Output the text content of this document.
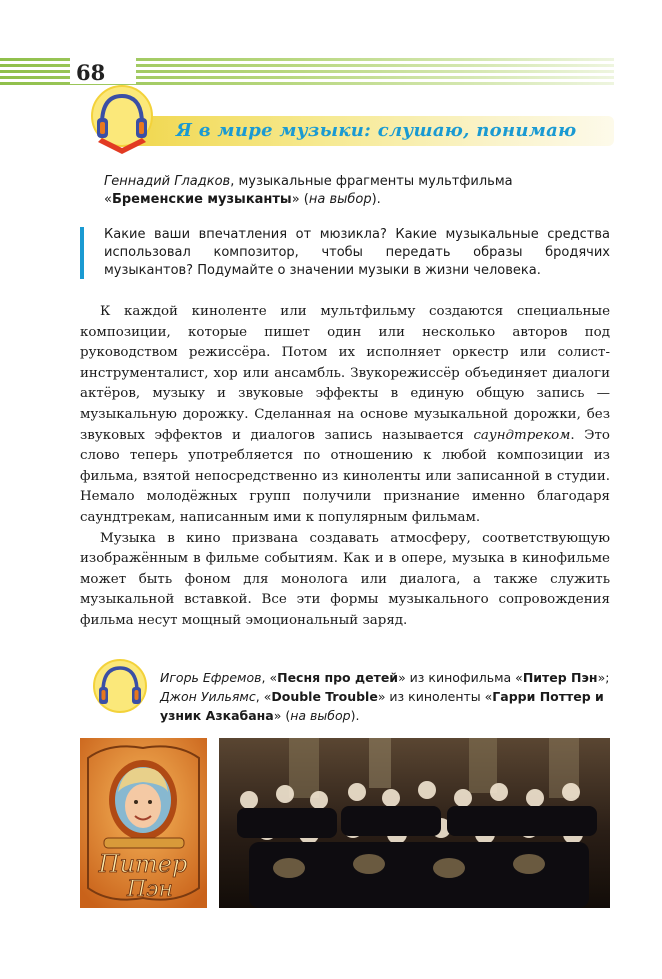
68
Я в мире музыки: слушаю, понимаю
Геннадий Гладков, музыкальные фрагменты мультфильма «Бременские музыканты» (на выбор).
Какие ваши впечатления от мюзикла? Какие музыкальные средства использовал композитор, чтобы передать образы бродячих музыкантов? Подумайте о значении музыки в жизни человека.

К каждой киноленте или мультфильму создаются специальные композиции, которые пишет один или несколько авторов под руководством режиссёра. Потом их исполняет оркестр или солист-инструменталист, хор или ансамбль. Звукорежиссёр объединяет диалоги актёров, музыку и звуковые эффекты в единую общую запись — музыкальную дорожку. Сделанная на основе музыкальной дорожки, без звуковых эффектов и диалогов запись называется саундтреком. Это слово теперь употребляется по отношению к любой композиции из фильма, взятой непосредственно из киноленты или записанной в студии. Немало молодёжных групп получили признание именно благодаря саундтрекам, написанным ими к популярным фильмам.

Музыка в кино призвана создавать атмосферу, соответствующую изображённым в фильме событиям. Как и в опере, музыка в кинофильме может быть фоном для монолога или диалога, а также служить музыкальной вставкой. Все эти формы музыкального сопровождения фильма несут мощный эмоциональный заряд.

Игорь Ефремов, «Песня про детей» из кинофильма «Питер Пэн»; Джон Уильямс, «Double Trouble» из киноленты «Гарри Поттер и узник Азкабана» (на выбор).
Питер
Пэн
